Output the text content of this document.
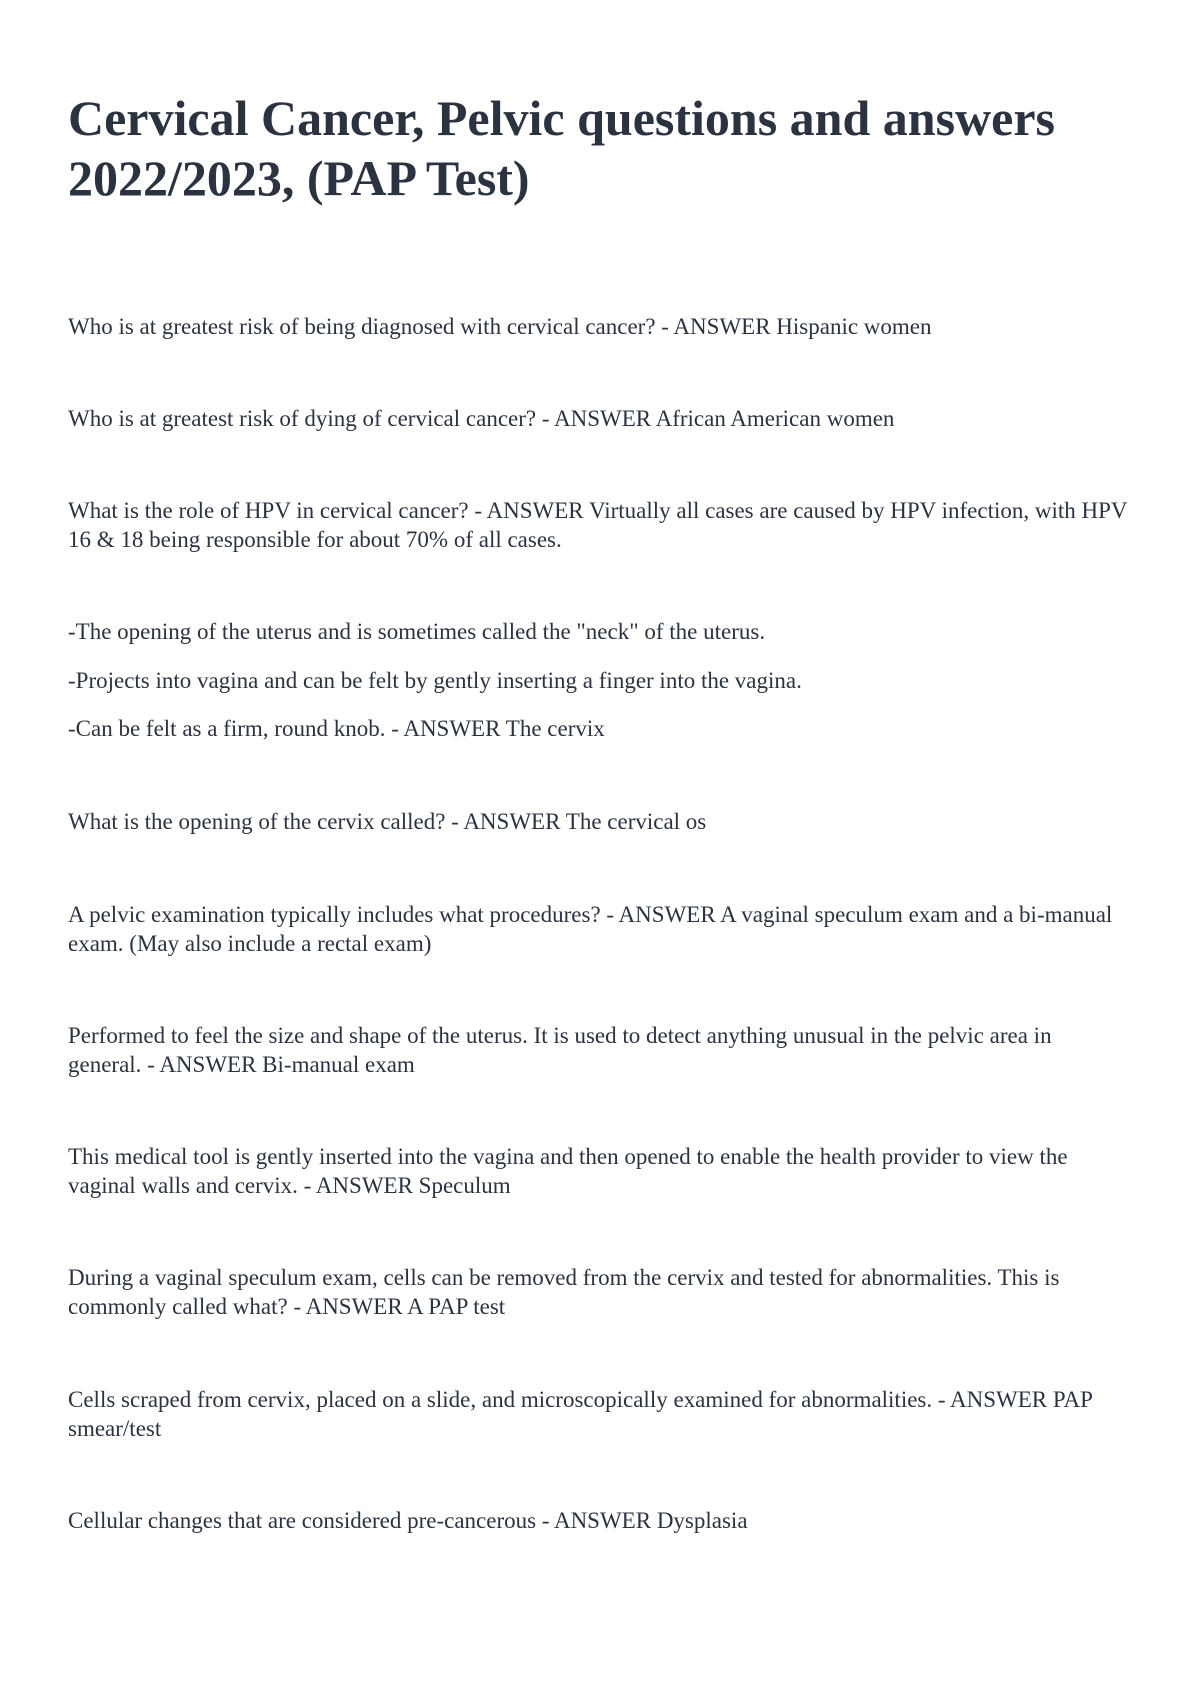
Cervical Cancer, Pelvic questions and answers 2022/2023, (PAP Test)

Who is at greatest risk of being diagnosed with cervical cancer? - ANSWER Hispanic women

Who is at greatest risk of dying of cervical cancer? - ANSWER African American women

What is the role of HPV in cervical cancer? - ANSWER Virtually all cases are caused by HPV infection, with HPV 16 & 18 being responsible for about 70% of all cases.

-The opening of the uterus and is sometimes called the "neck" of the uterus.

-Projects into vagina and can be felt by gently inserting a finger into the vagina.

-Can be felt as a firm, round knob. - ANSWER The cervix

What is the opening of the cervix called? - ANSWER The cervical os

A pelvic examination typically includes what procedures? - ANSWER A vaginal speculum exam and a bi-manual exam. (May also include a rectal exam)

Performed to feel the size and shape of the uterus. It is used to detect anything unusual in the pelvic area in general. - ANSWER Bi-manual exam

This medical tool is gently inserted into the vagina and then opened to enable the health provider to view the vaginal walls and cervix. - ANSWER Speculum

During a vaginal speculum exam, cells can be removed from the cervix and tested for abnormalities. This is commonly called what? - ANSWER A PAP test

Cells scraped from cervix, placed on a slide, and microscopically examined for abnormalities. - ANSWER PAP smear/test

Cellular changes that are considered pre-cancerous - ANSWER Dysplasia
